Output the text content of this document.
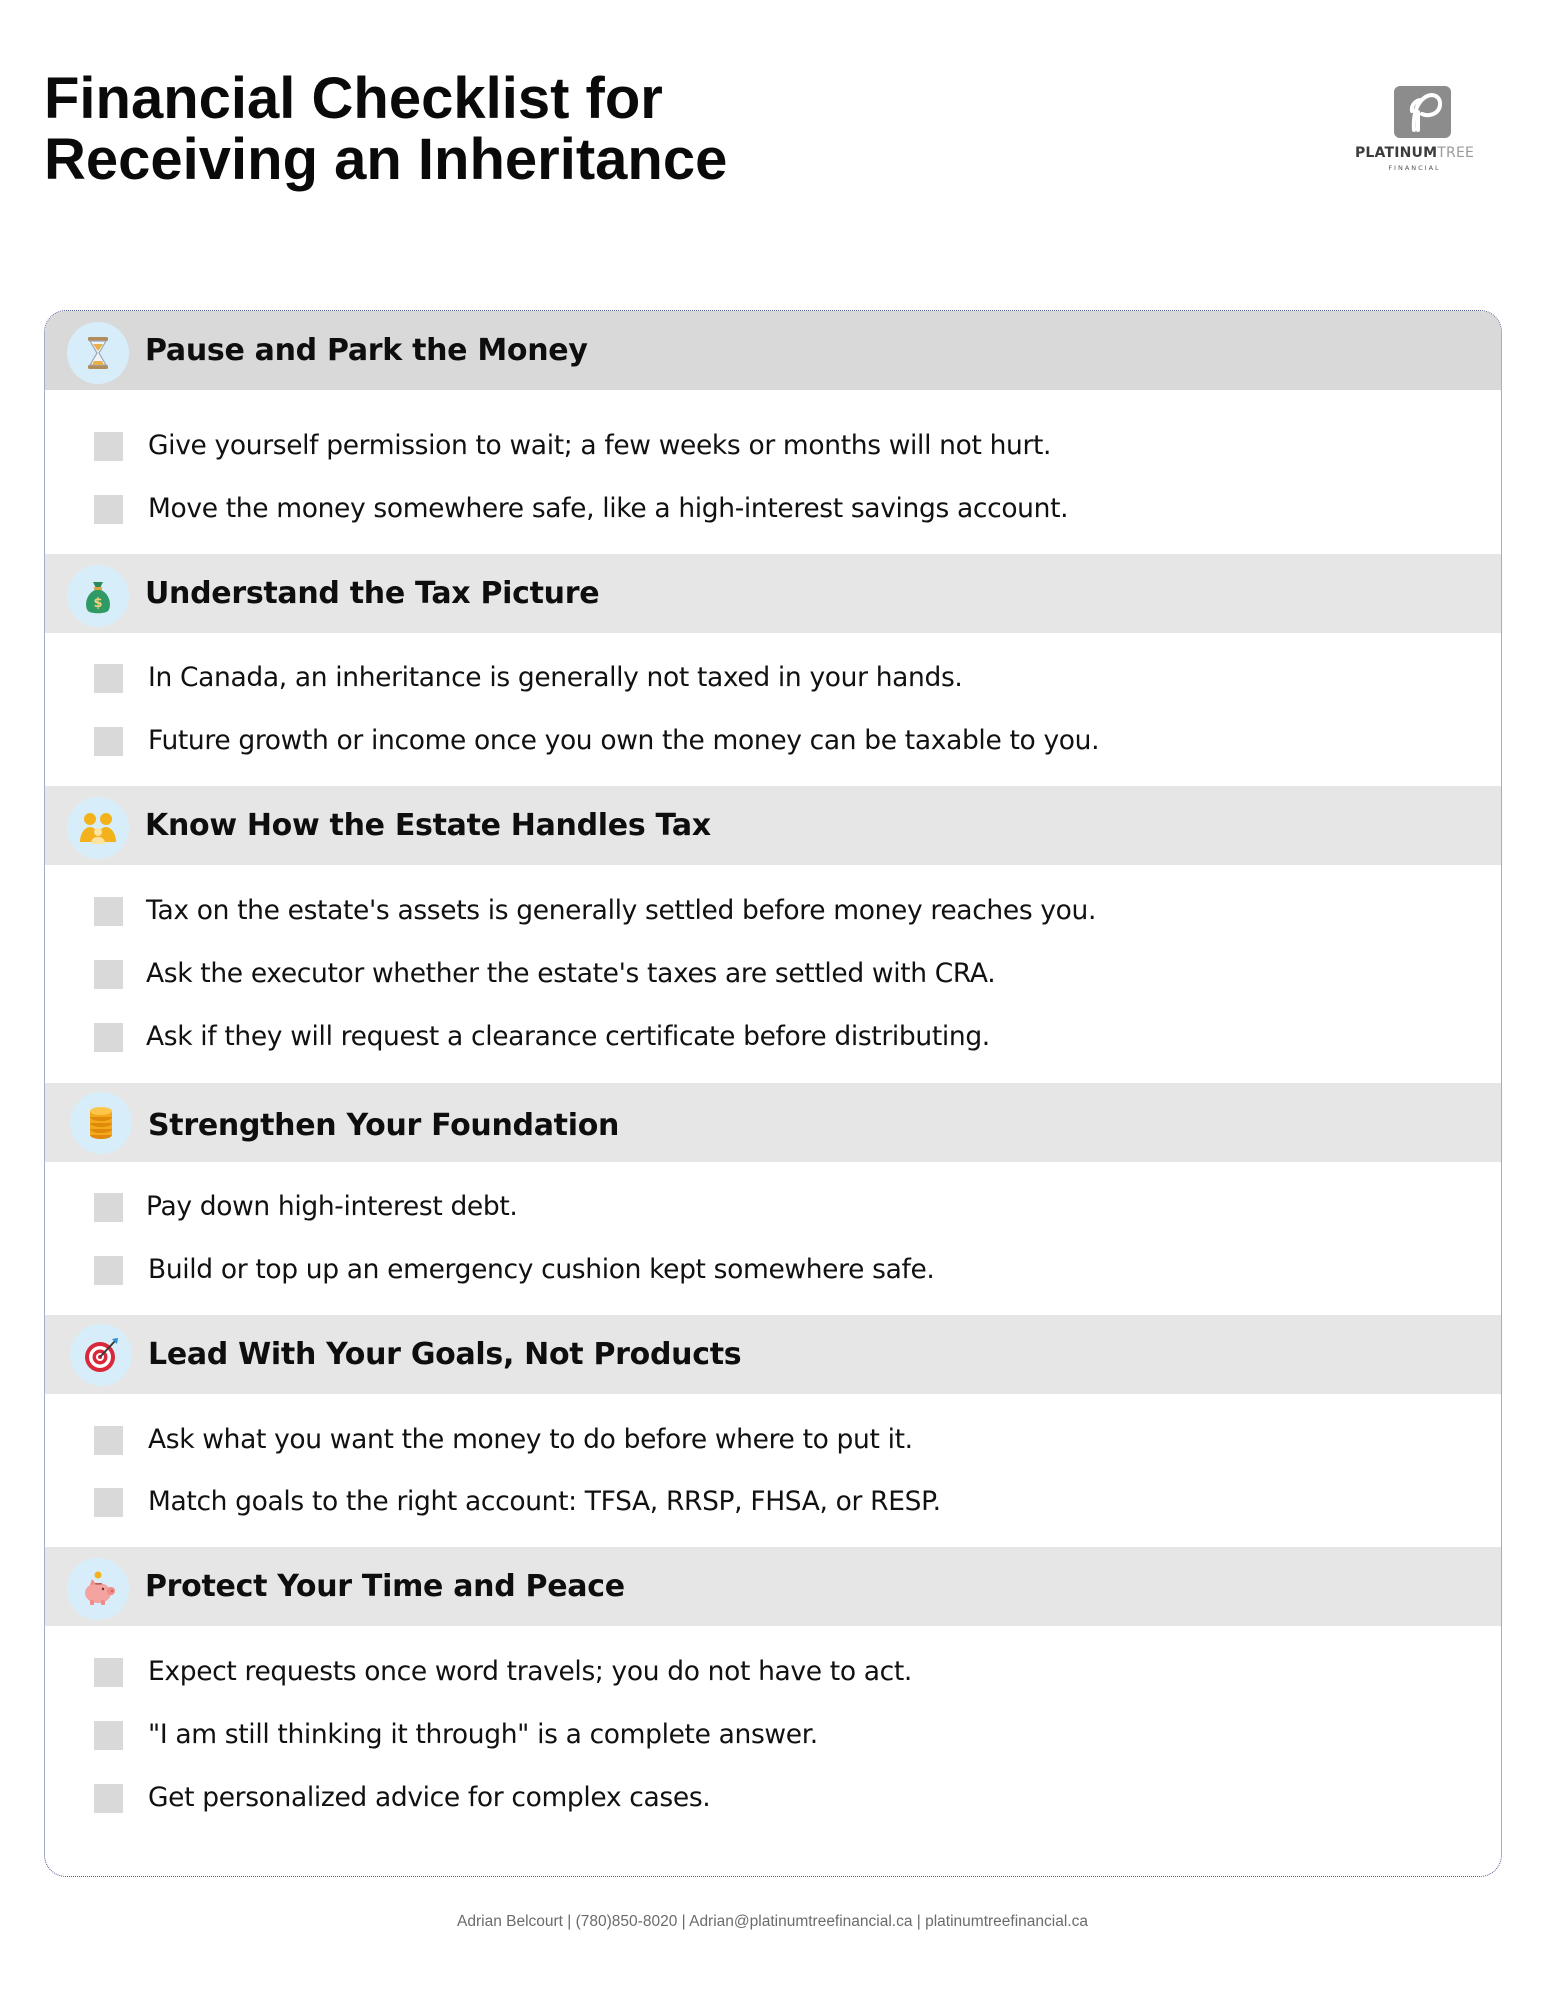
Financial Checklist for
Receiving an Inheritance	PLATINUMTREE
FINANCIAL
Pause and Park the Money
Give yourself permission to wait; a few weeks or months will not hurt.
Move the money somewhere safe, like a high-interest savings account.
$ Understand the Tax Picture
In Canada, an inheritance is generally not taxed in your hands.
Future growth or income once you own the money can be taxable to you.
Know How the Estate Handles Tax
Tax on the estate's assets is generally settled before money reaches you.
Ask the executor whether the estate's taxes are settled with CRA.
Ask if they will request a clearance certificate before distributing.
Strengthen Your Foundation
Pay down high-interest debt.
Build or top up an emergency cushion kept somewhere safe.
Lead With Your Goals, Not Products
Ask what you want the money to do before where to put it.
Match goals to the right account: TFSA, RRSP, FHSA, or RESP.
Protect Your Time and Peace
Expect requests once word travels; you do not have to act.
"I am still thinking it through" is a complete answer.
Get personalized advice for complex cases.
Adrian Belcourt | (780)850-8020 | Adrian@platinumtreefinancial.ca | platinumtreefinancial.ca
